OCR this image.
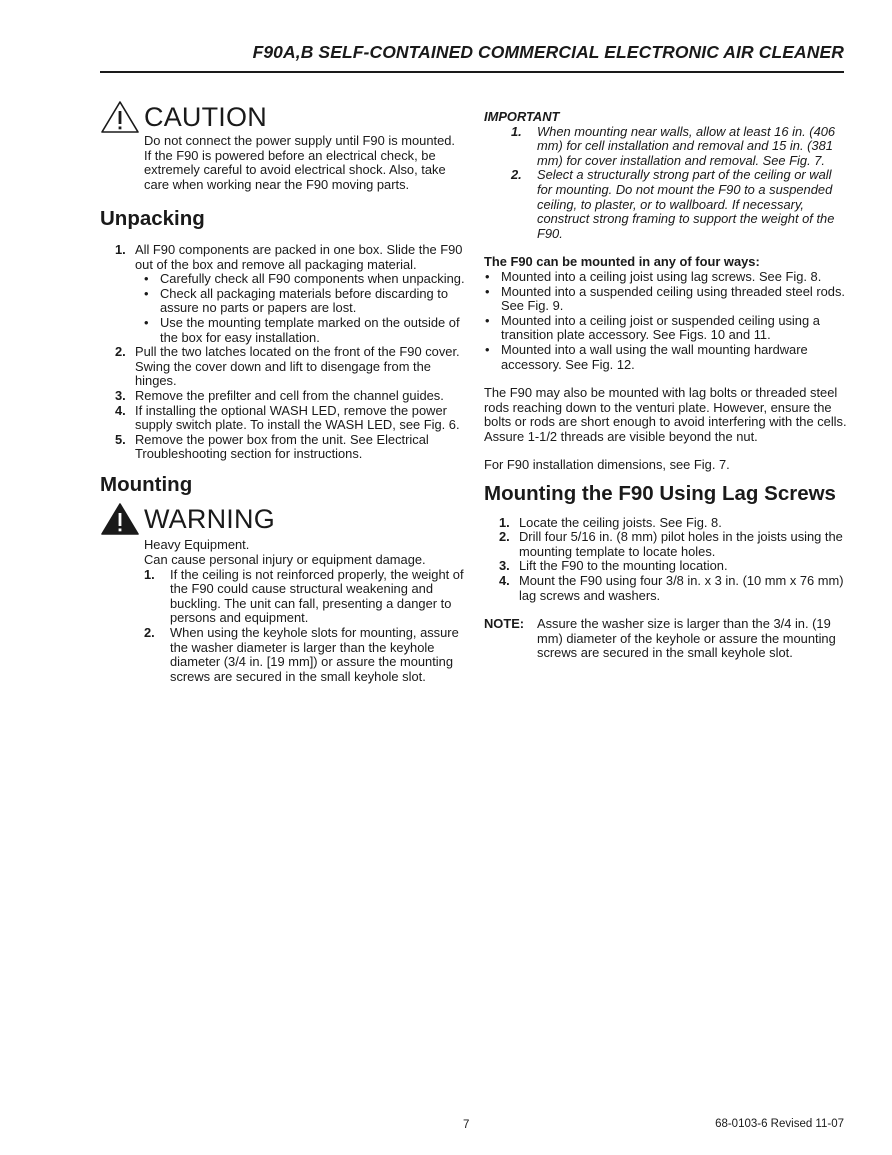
F90A,B SELF-CONTAINED COMMERCIAL ELECTRONIC AIR CLEANER
CAUTION

Do not connect the power supply until F90 is mounted. If the F90 is powered before an electrical check, be extremely careful to avoid electrical shock. Also, take care when working near the F90 moving parts.

Unpacking
1. All F90 components are packed in one box. Slide the F90 out of the box and remove all packaging material.
• Carefully check all F90 components when unpacking.
• Check all packaging materials before discarding to assure no parts or papers are lost.
• Use the mounting template marked on the outside of the box for easy installation.
2. Pull the two latches located on the front of the F90 cover. Swing the cover down and lift to disengage from the hinges.
3. Remove the prefilter and cell from the channel guides.
4. If installing the optional WASH LED, remove the power supply switch plate. To install the WASH LED, see Fig. 6.
5. Remove the power box from the unit. See Electrical Troubleshooting section for instructions.
Mounting
WARNING

Heavy Equipment.

Can cause personal injury or equipment damage.

1. If the ceiling is not reinforced properly, the weight of the F90 could cause structural weakening and buckling. The unit can fall, presenting a danger to persons and equipment.
2. When using the keyhole slots for mounting, assure the washer diameter is larger than the keyhole diameter (3/4 in. [19 mm]) or assure the mounting screws are secured in the small keyhole slot.
IMPORTANT
1. When mounting near walls, allow at least 16 in. (406 mm) for cell installation and removal and 15 in. (381 mm) for cover installation and removal. See Fig. 7.
2. Select a structurally strong part of the ceiling or wall for mounting. Do not mount the F90 to a suspended ceiling, to plaster, or to wallboard. If necessary, construct strong framing to support the weight of the F90.
The F90 can be mounted in any of four ways:
• Mounted into a ceiling joist using lag screws. See Fig. 8.
• Mounted into a suspended ceiling using threaded steel rods. See Fig. 9.
• Mounted into a ceiling joist or suspended ceiling using a transition plate accessory. See Figs. 10 and 11.
• Mounted into a wall using the wall mounting hardware accessory. See Fig. 12.

The F90 may also be mounted with lag bolts or threaded steel rods reaching down to the venturi plate. However, ensure the bolts or rods are short enough to avoid interfering with the cells. Assure 1-1/2 threads are visible beyond the nut.

For F90 installation dimensions, see Fig. 7.

Mounting the F90 Using Lag Screws
1. Locate the ceiling joists. See Fig. 8.
2. Drill four 5/16 in. (8 mm) pilot holes in the joists using the mounting template to locate holes.
3. Lift the F90 to the mounting location.
4. Mount the F90 using four 3/8 in. x 3 in. (10 mm x 76 mm) lag screws and washers.
NOTE: Assure the washer size is larger than the 3/4 in. (19 mm) diameter of the keyhole or assure the mounting screws are secured in the small keyhole slot.
7	68-0103-6 Revised 11-07
